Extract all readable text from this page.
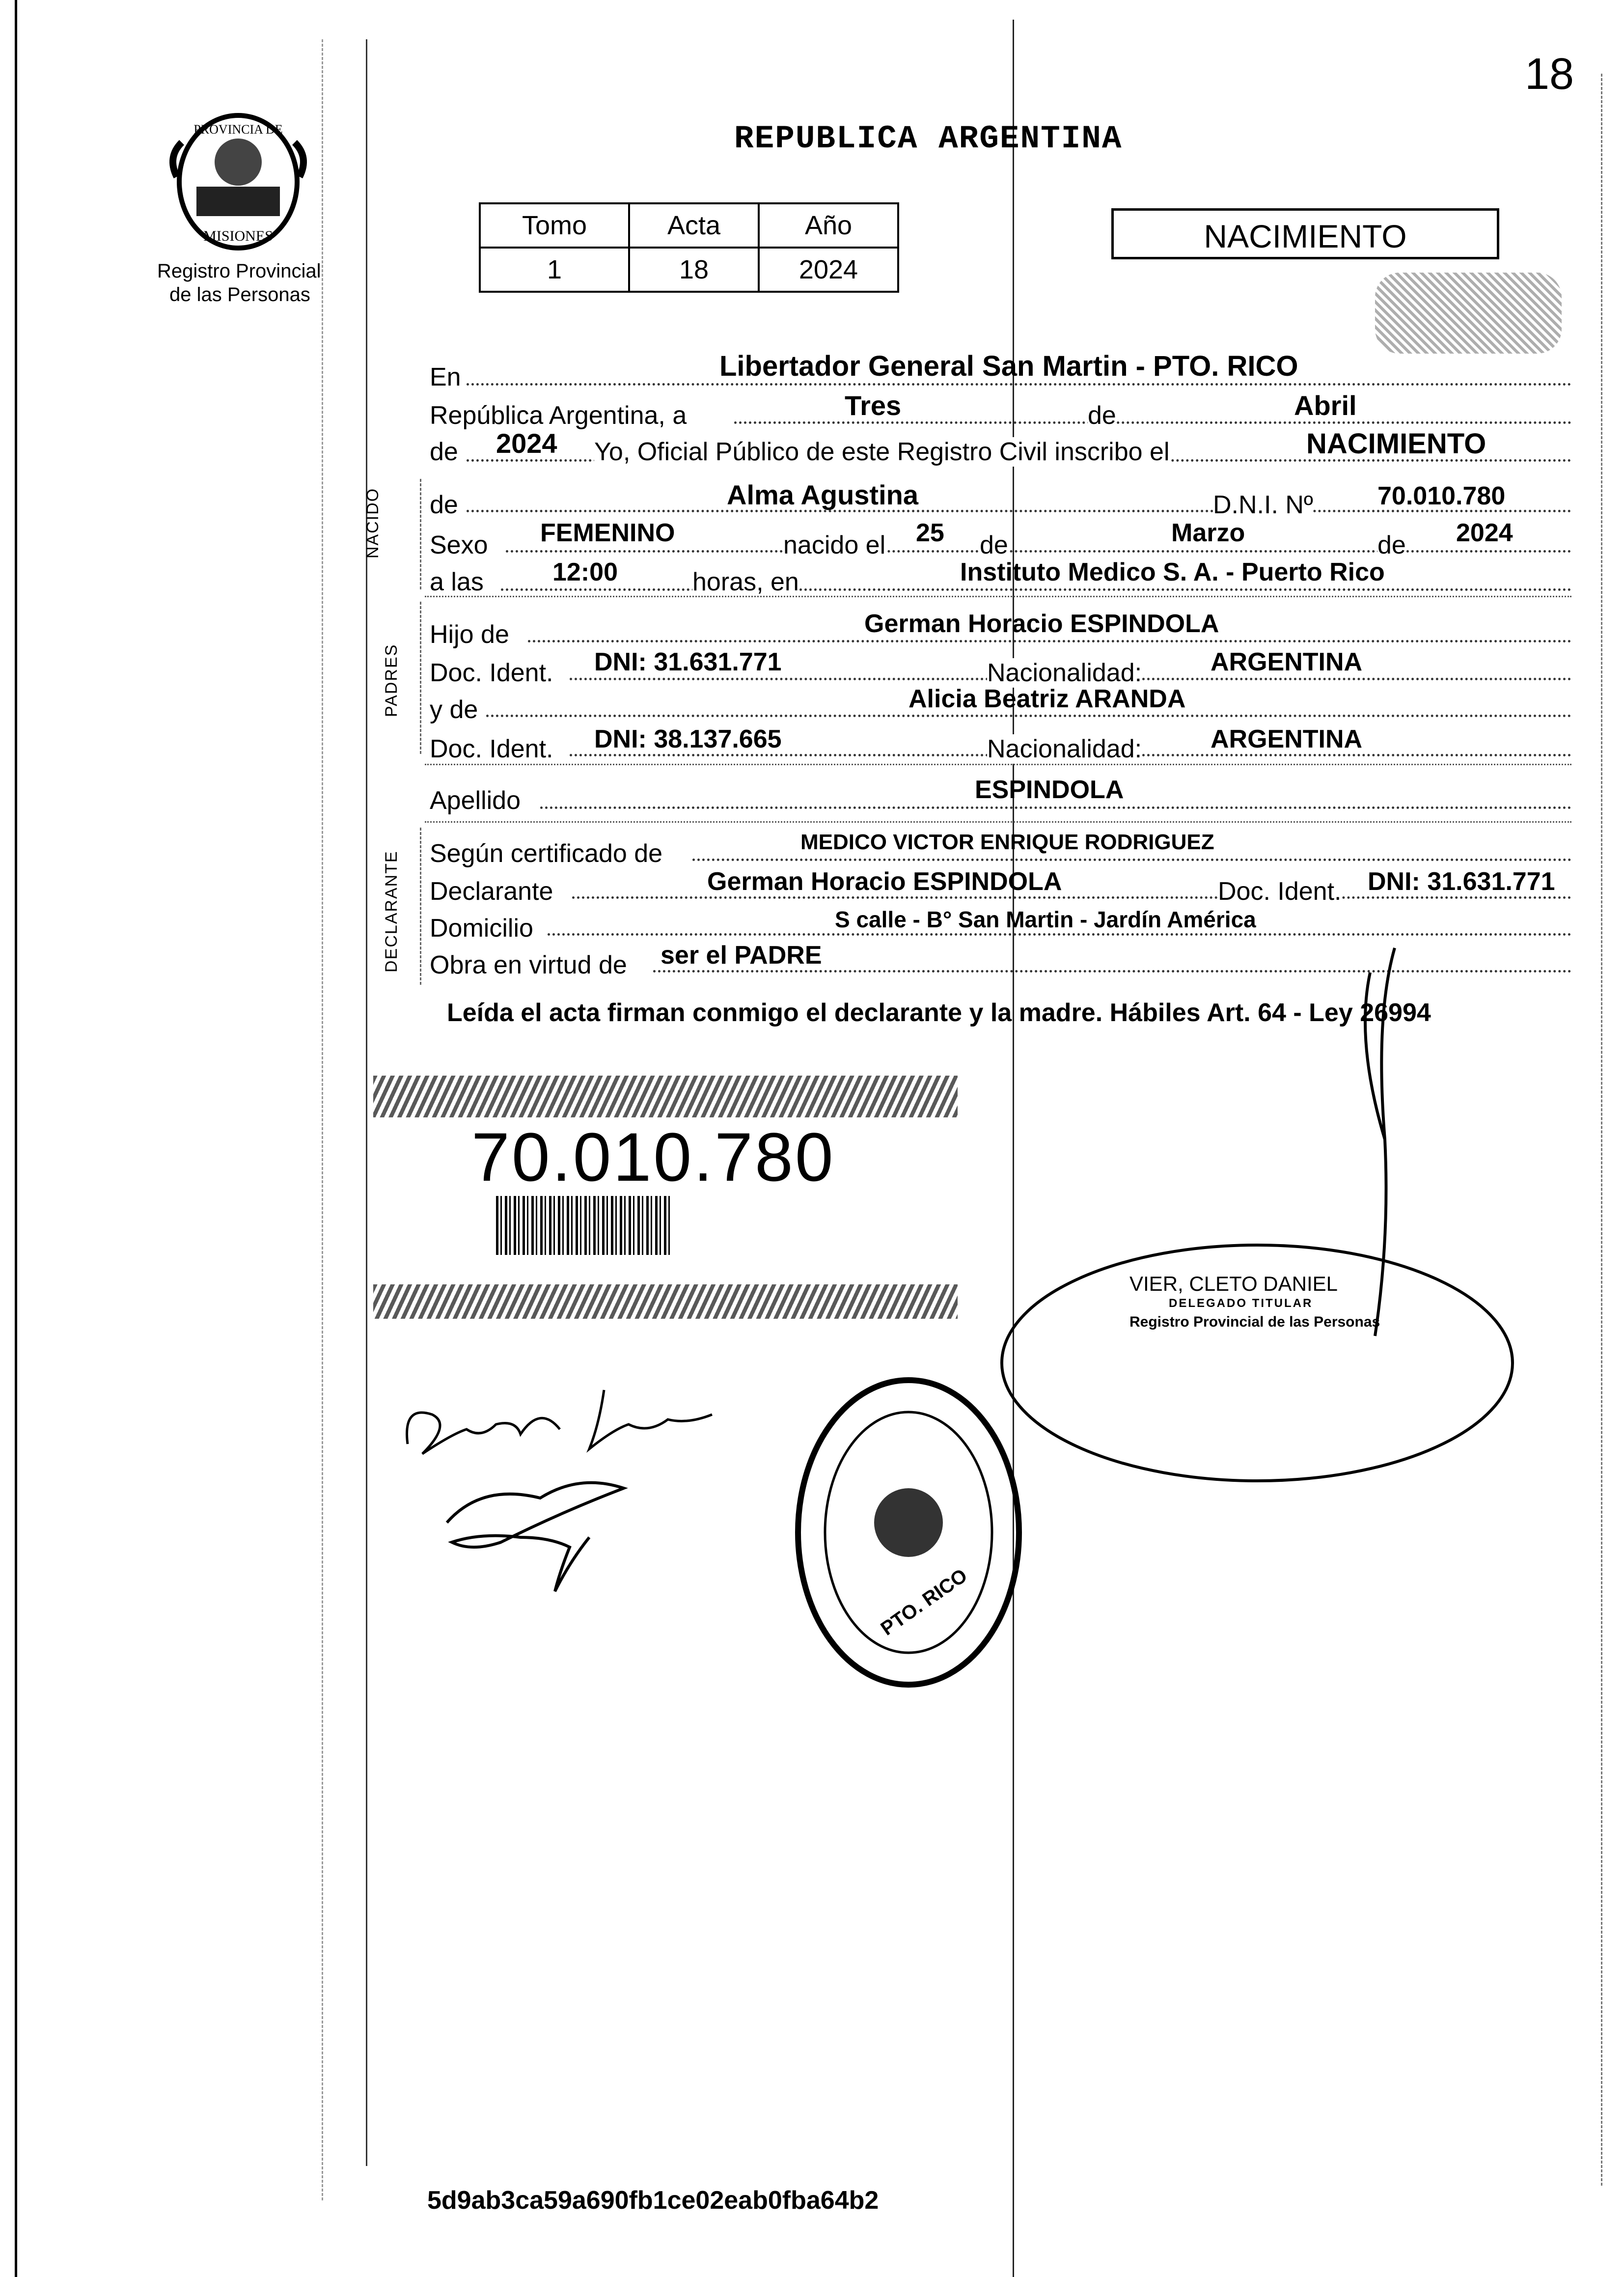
18
PROVINCIA DE
MISIONES
Registro Provincial
de las Personas
REPUBLICA ARGENTINA
Tomo	Acta	Año
1	18	2024
NACIMIENTO
NACIDO
PADRES
DECLARANTE
En	Libertador General San Martin - PTO. RICO
República Argentina, a	Tres	de	Abril
de 2024 Yo, Oficial Público de este Registro Civil inscribo el	NACIMIENTO
de	Alma Agustina	D.N.I. Nº	70.010.780
Sexo FEMENINO	nacido el 25 de	Marzo	de 2024
a las	12:00	horas, en	Instituto Medico S. A. - Puerto Rico
Hijo de	German Horacio ESPINDOLA
Doc. Ident. DNI: 31.631.771	Nacionalidad:	ARGENTINA
y de	Alicia Beatriz ARANDA
Doc. Ident. DNI: 38.137.665	Nacionalidad:	ARGENTINA
Apellido	ESPINDOLA
Según certificado de	MEDICO VICTOR ENRIQUE RODRIGUEZ
Declarante	German Horacio ESPINDOLA	Doc. Ident. DNI: 31.631.771
Domicilio	S calle - B° San Martin - Jardín América
Obra en virtud de ser el PADRE
Leída el acta firman conmigo el declarante y la madre. Hábiles Art. 64 - Ley 26994
70.010.780
VIER, CLETO DANIEL
DELEGADO TITULAR
Registro Provincial de las Personas
PTO. RICO
5d9ab3ca59a690fb1ce02eab0fba64b2
